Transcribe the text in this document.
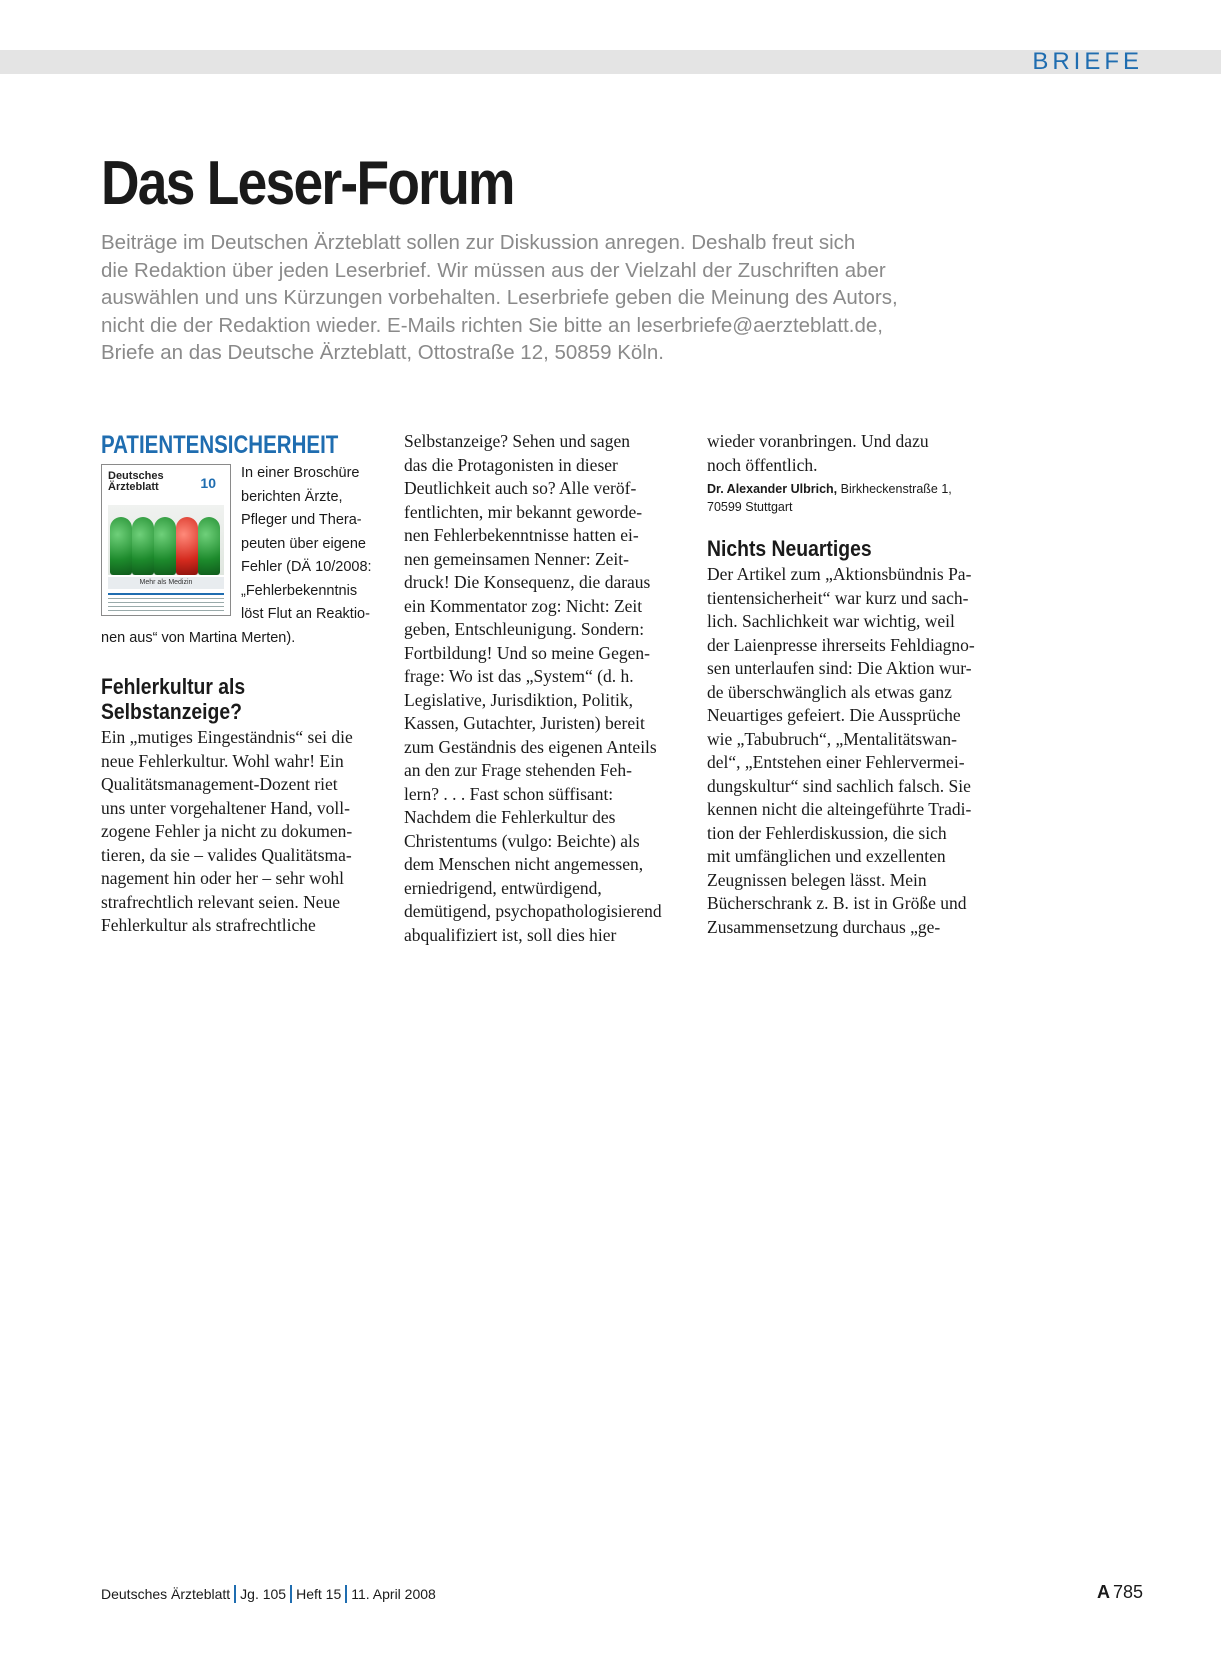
BRIEFE
Das Leser-Forum

Beiträge im Deutschen Ärzteblatt sollen zur Diskussion anregen. Deshalb freut sich
die Redaktion über jeden Leserbrief. Wir müssen aus der Vielzahl der Zuschriften aber
auswählen und uns Kürzungen vorbehalten. Leserbriefe geben die Meinung des Autors,
nicht die der Redaktion wieder. E-Mails richten Sie bitte an leserbriefe@aerzteblatt.de,
Briefe an das Deutsche Ärzteblatt, Ottostraße 12, 50859 Köln.

PATIENTENSICHERHEIT
Deutsches
Ärzteblatt	10
Mehr als Medizin
In einer Broschüre
berichten Ärzte,
Pfleger und Thera-
peuten über eigene
Fehler (DÄ 10/2008:
„Fehlerbekenntnis
löst Flut an Reaktio-
nen aus“ von Martina Merten).
Fehlerkultur als
Selbstanzeige?
Ein „mutiges Eingeständnis“ sei die
neue Fehlerkultur. Wohl wahr! Ein
Qualitätsmanagement-Dozent riet
uns unter vorgehaltener Hand, voll-
zogene Fehler ja nicht zu dokumen-
tieren, da sie – valides Qualitätsma-
nagement hin oder her – sehr wohl
strafrechtlich relevant seien. Neue
Fehlerkultur als strafrechtliche
Selbstanzeige? Sehen und sagen
das die Protagonisten in dieser
Deutlichkeit auch so? Alle veröf-
fentlichten, mir bekannt geworde-
nen Fehlerbekenntnisse hatten ei-
nen gemeinsamen Nenner: Zeit-
druck! Die Konsequenz, die daraus
ein Kommentator zog: Nicht: Zeit
geben, Entschleunigung. Sondern:
Fortbildung! Und so meine Gegen-
frage: Wo ist das „System“ (d. h.
Legislative, Jurisdiktion, Politik,
Kassen, Gutachter, Juristen) bereit
zum Geständnis des eigenen Anteils
an den zur Frage stehenden Feh-
lern? . . . Fast schon süffisant:
Nachdem die Fehlerkultur des
Christentums (vulgo: Beichte) als
dem Menschen nicht angemessen,
erniedrigend, entwürdigend,
demütigend, psychopathologisierend
abqualifiziert ist, soll dies hier
wieder voranbringen. Und dazu
noch öffentlich.
Dr. Alexander Ulbrich, Birkheckenstraße 1,
70599 Stuttgart
Nichts Neuartiges
Der Artikel zum „Aktionsbündnis Pa-
tientensicherheit“ war kurz und sach-
lich. Sachlichkeit war wichtig, weil
der Laienpresse ihrerseits Fehldiagno-
sen unterlaufen sind: Die Aktion wur-
de überschwänglich als etwas ganz
Neuartiges gefeiert. Die Aussprüche
wie „Tabubruch“, „Mentalitätswan-
del“, „Entstehen einer Fehlervermei-
dungskultur“ sind sachlich falsch. Sie
kennen nicht die alteingeführte Tradi-
tion der Fehlerdiskussion, die sich
mit umfänglichen und exzellenten
Zeugnissen belegen lässt. Mein
Bücherschrank z. B. ist in Größe und
Zusammensetzung durchaus „ge-
Deutsches Ärzteblatt Jg. 105 Heft 15 11. April 2008	A 785
